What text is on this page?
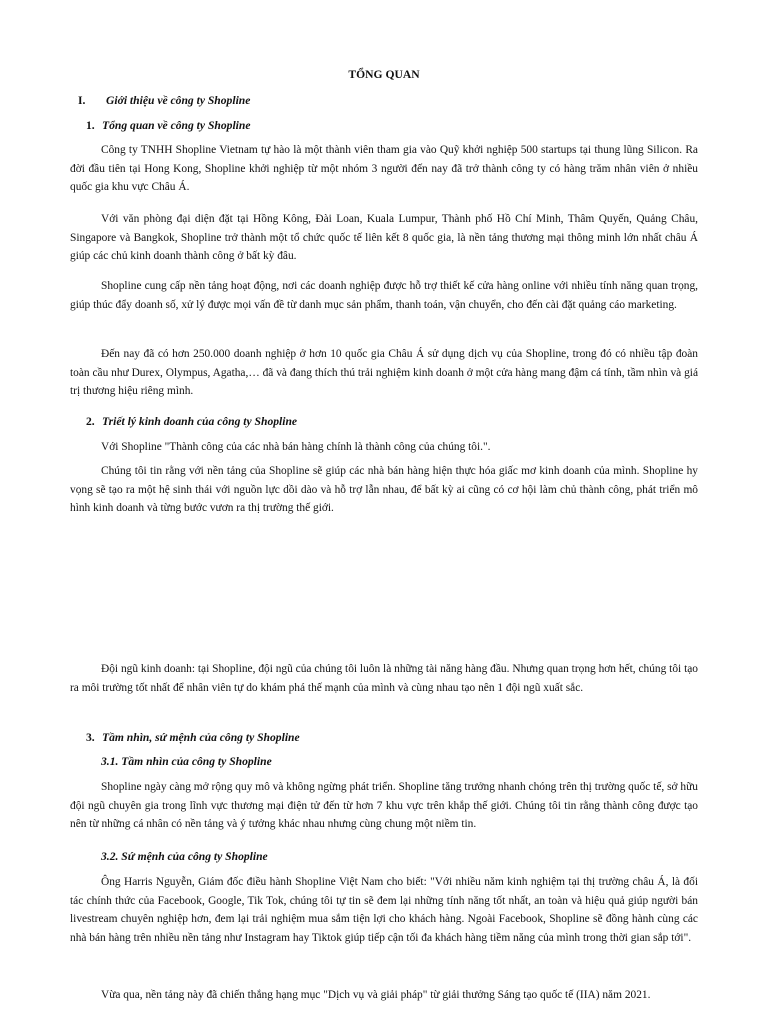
TỔNG QUAN
I. Giới thiệu về công ty Shopline
1. Tổng quan về công ty Shopline

Công ty TNHH Shopline Vietnam tự hào là một thành viên tham gia vào Quỹ khởi nghiệp 500 startups tại thung lũng Silicon. Ra đời đầu tiên tại Hong Kong, Shopline khởi nghiệp từ một nhóm 3 người đến nay đã trở thành công ty có hàng trăm nhân viên ở nhiều quốc gia khu vực Châu Á.

Với văn phòng đại diện đặt tại Hồng Kông, Đài Loan, Kuala Lumpur, Thành phố Hồ Chí Minh, Thâm Quyến, Quảng Châu, Singapore và Bangkok, Shopline trở thành một tổ chức quốc tế liên kết 8 quốc gia, là nền tảng thương mại thông minh lớn nhất châu Á giúp các chủ kinh doanh thành công ở bất kỳ đâu.

Shopline cung cấp nền tảng hoạt động, nơi các doanh nghiệp được hỗ trợ thiết kế cửa hàng online với nhiều tính năng quan trọng, giúp thúc đẩy doanh số, xử lý được mọi vấn đề từ danh mục sản phẩm, thanh toán, vận chuyển, cho đến cài đặt quảng cáo marketing.

Đến nay đã có hơn 250.000 doanh nghiệp ở hơn 10 quốc gia Châu Á sử dụng dịch vụ của Shopline, trong đó có nhiều tập đoàn toàn cầu như Durex, Olympus, Agatha,… đã và đang thích thú trải nghiệm kinh doanh ở một cửa hàng mang đậm cá tính, tầm nhìn và giá trị thương hiệu riêng mình.

2. Triết lý kinh doanh của công ty Shopline

Với Shopline "Thành công của các nhà bán hàng chính là thành công của chúng tôi.".

Chúng tôi tin rằng với nền tảng của Shopline sẽ giúp các nhà bán hàng hiện thực hóa giấc mơ kinh doanh của mình. Shopline hy vọng sẽ tạo ra một hệ sinh thái với nguồn lực dồi dào và hỗ trợ lẫn nhau, để bất kỳ ai cũng có cơ hội làm chủ thành công, phát triển mô hình kinh doanh và từng bước vươn ra thị trường thế giới.

Đội ngũ kinh doanh: tại Shopline, đội ngũ của chúng tôi luôn là những tài năng hàng đầu. Nhưng quan trọng hơn hết, chúng tôi tạo ra môi trường tốt nhất để nhân viên tự do khám phá thế mạnh của mình và cùng nhau tạo nên 1 đội ngũ xuất sắc.

3. Tầm nhìn, sứ mệnh của công ty Shopline
3.1. Tầm nhìn của công ty Shopline

Shopline ngày càng mở rộng quy mô và không ngừng phát triển. Shopline tăng trưởng nhanh chóng trên thị trường quốc tế, sở hữu đội ngũ chuyên gia trong lĩnh vực thương mại điện tử đến từ hơn 7 khu vực trên khắp thế giới. Chúng tôi tin rằng thành công được tạo nên từ những cá nhân có nền tảng và ý tưởng khác nhau nhưng cùng chung một niềm tin.

3.2. Sứ mệnh của công ty Shopline

Ông Harris Nguyễn, Giám đốc điều hành Shopline Việt Nam cho biết: "Với nhiều năm kinh nghiệm tại thị trường châu Á, là đối tác chính thức của Facebook, Google, Tik Tok, chúng tôi tự tin sẽ đem lại những tính năng tốt nhất, an toàn và hiệu quả giúp người bán livestream chuyên nghiệp hơn, đem lại trải nghiệm mua sắm tiện lợi cho khách hàng. Ngoài Facebook, Shopline sẽ đồng hành cùng các nhà bán hàng trên nhiều nền tảng như Instagram hay Tiktok giúp tiếp cận tối đa khách hàng tiềm năng của mình trong thời gian sắp tới".

Vừa qua, nền tảng này đã chiến thắng hạng mục "Dịch vụ và giải pháp" từ giải thưởng Sáng tạo quốc tế (IIA) năm 2021.
